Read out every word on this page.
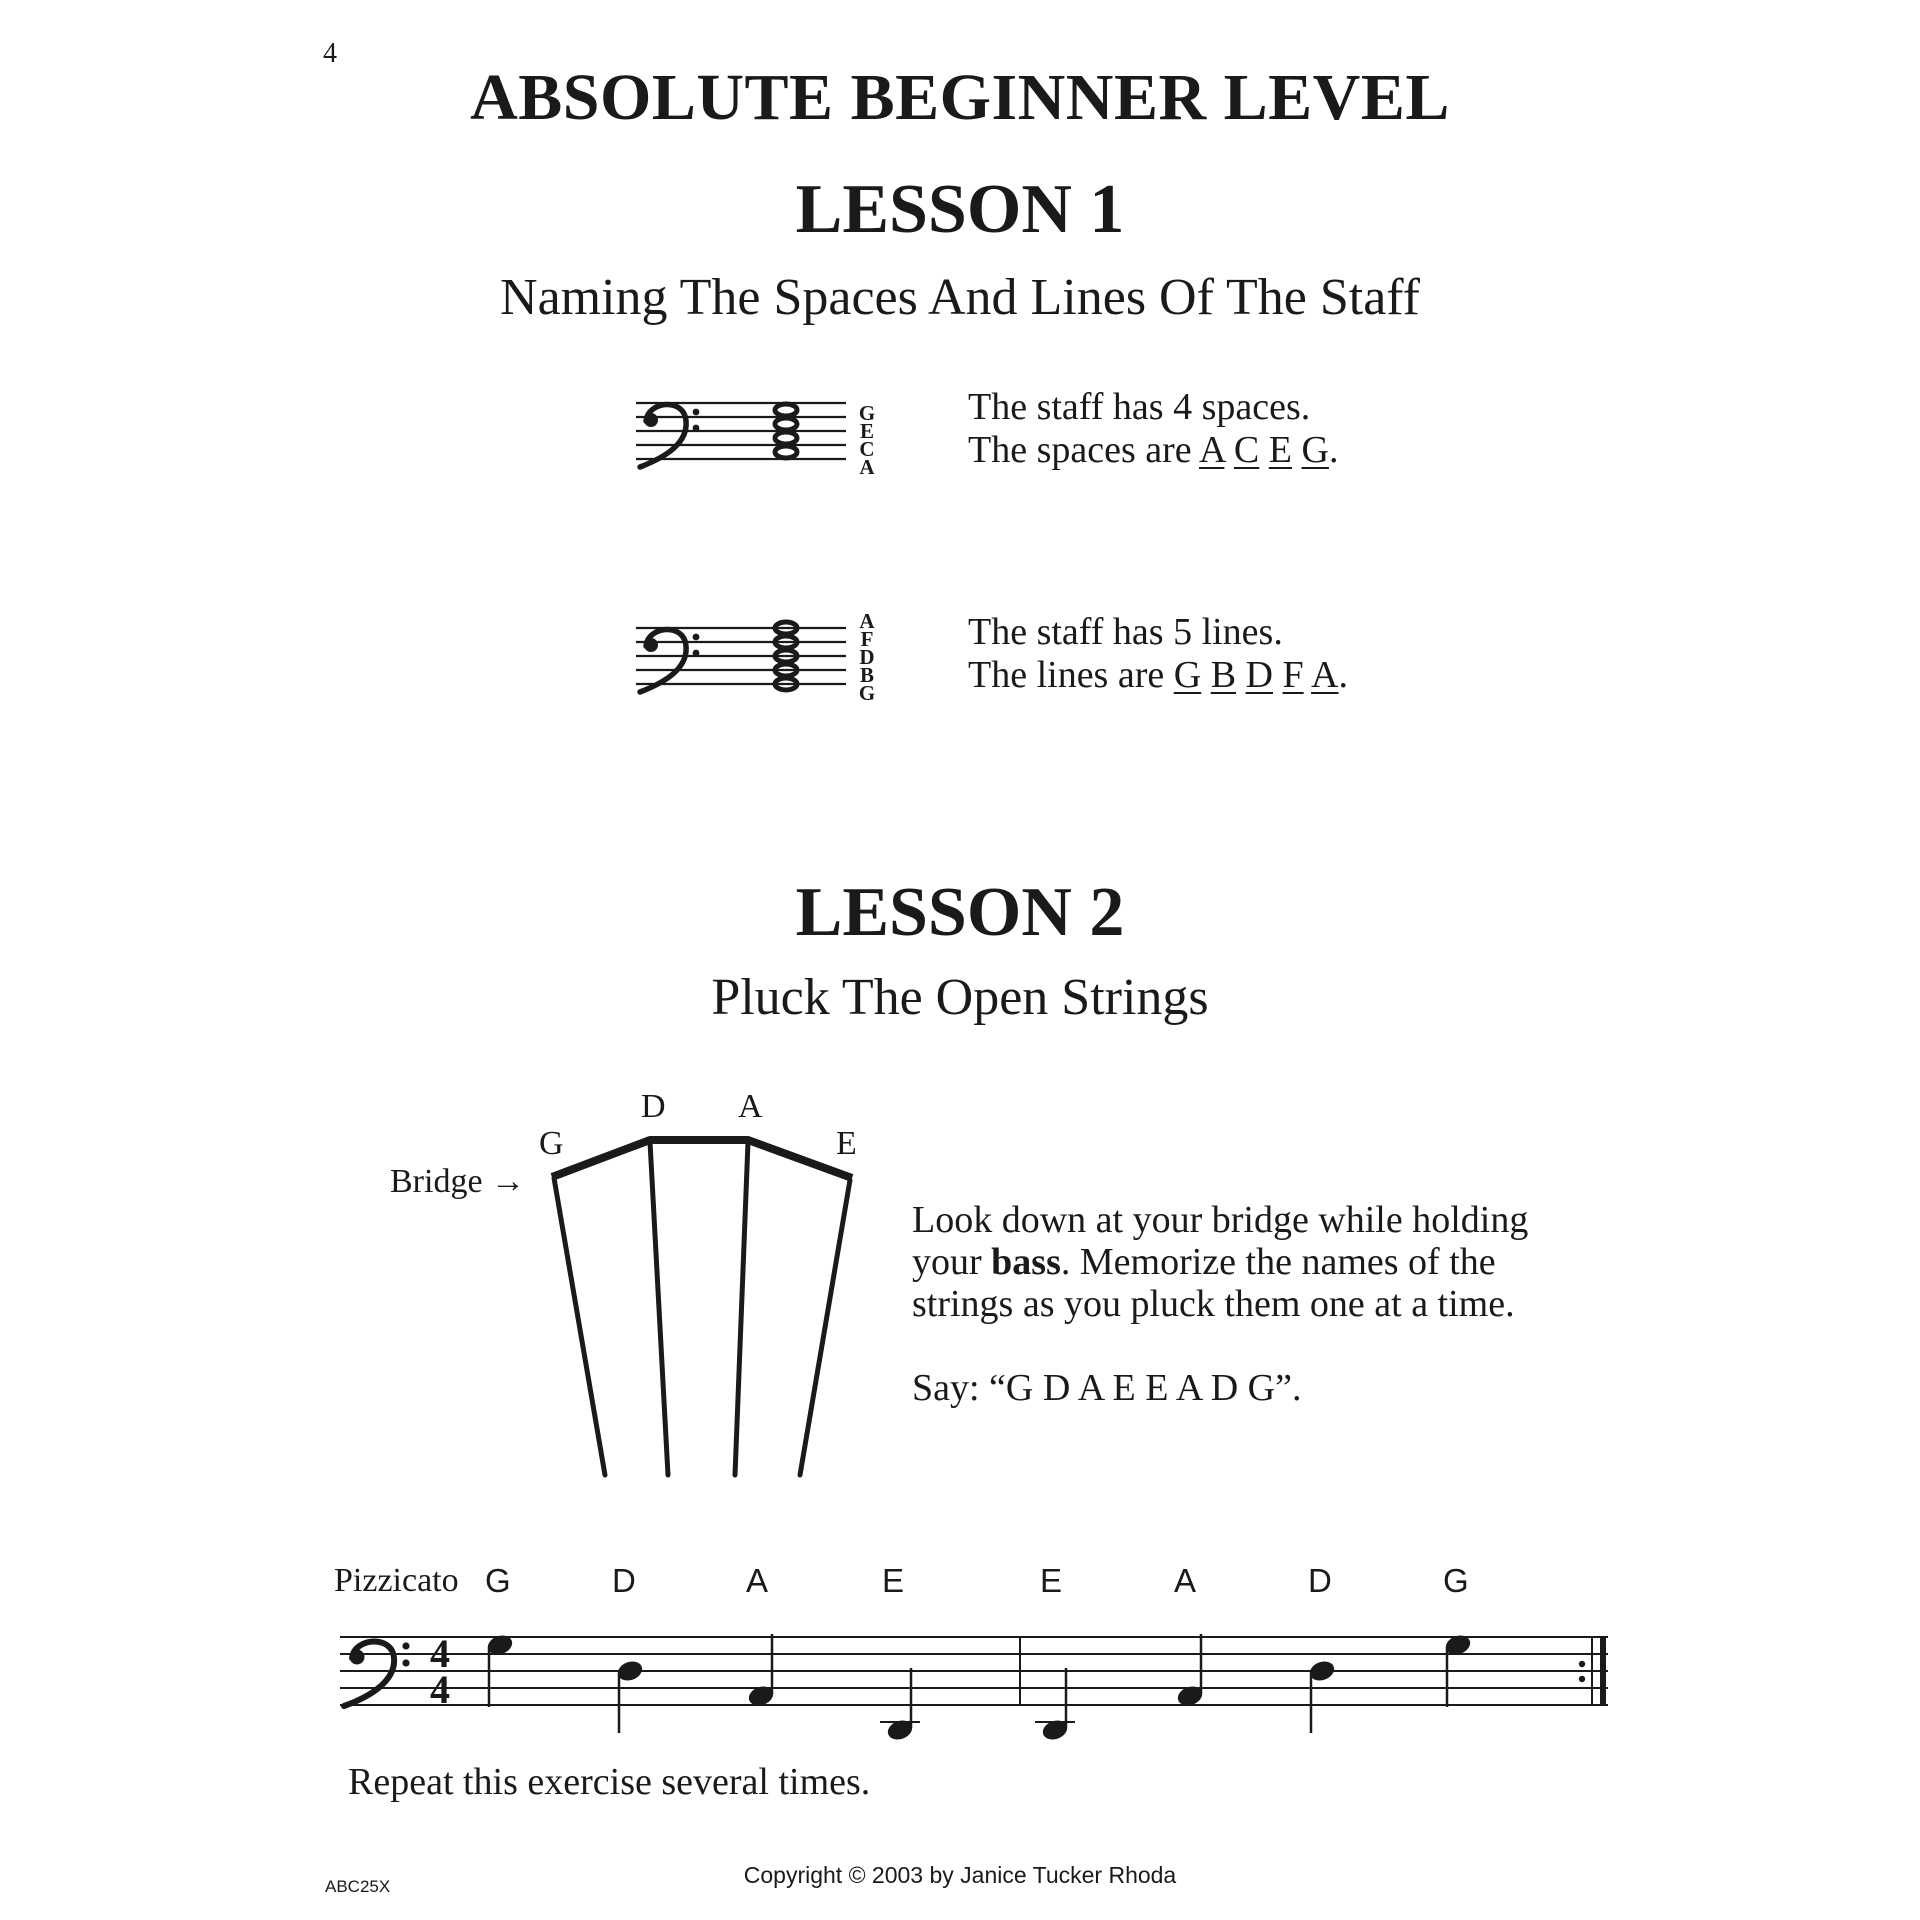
4
ABSOLUTE BEGINNER LEVEL
LESSON 1
Naming The Spaces And Lines Of The Staff
G
E
C
A
The staff has 4 spaces.
The spaces are A C E G.
A
F
D
B
G
The staff has 5 lines.
The lines are G B D F A.
LESSON 2
Pluck The Open Strings
Bridge →
G
D A
E
Look down at your bridge while holding
your bass. Memorize the names of the
strings as you pluck them one at a time.
Say: “G D A E E A D G”.
Pizzicato G	D	A	E	E	A	D	G
4
4
Repeat this exercise several times.
ABC25X	Copyright © 2003 by Janice Tucker Rhoda
